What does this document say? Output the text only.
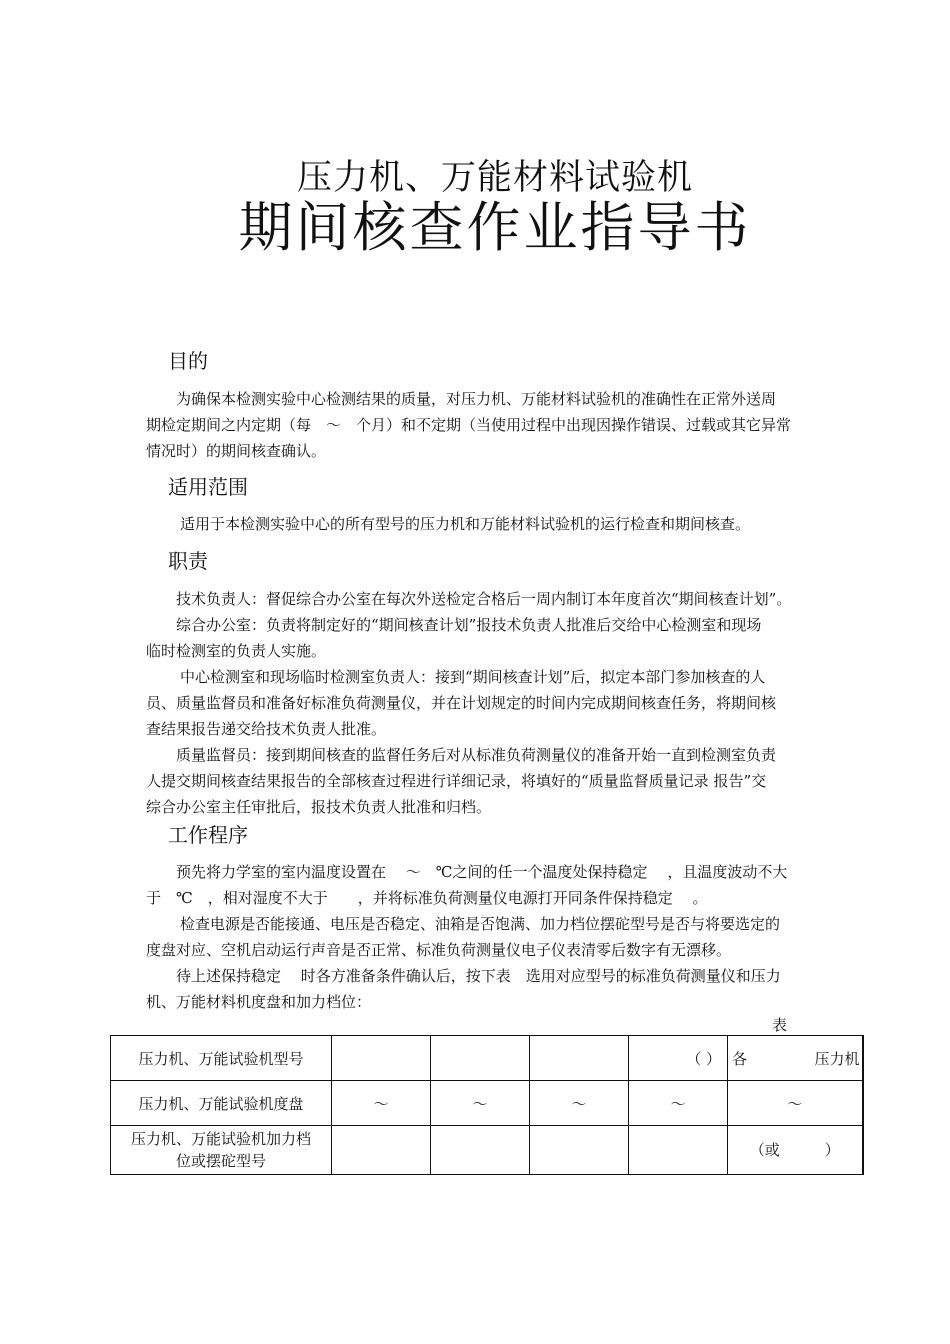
压力机、万能材料试验机
期间核查作业指导书
目的
为确保本检测实验中心检测结果的质量，对压力机、万能材料试验机的准确性在正常外送周
期检定期间之内定期（每　～　个月）和不定期（当使用过程中出现因操作错误、过载或其它异常
情况时）的期间核查确认。
适用范围
适用于本检测实验中心的所有型号的压力机和万能材料试验机的运行检查和期间核查。
职责
技术负责人：督促综合办公室在每次外送检定合格后一周内制订本年度首次“期间核查计划”。
综合办公室：负责将制定好的“期间核查计划”报技术负责人批准后交给中心检测室和现场
临时检测室的负责人实施。
中心检测室和现场临时检测室负责人：接到“期间核查计划”后，拟定本部门参加核查的人
员、质量监督员和准备好标准负荷测量仪，并在计划规定的时间内完成期间核查任务，将期间核
查结果报告递交给技术负责人批准。
质量监督员：接到期间核查的监督任务后对从标准负荷测量仪的准备开始一直到检测室负责
人提交期间核查结果报告的全部核查过程进行详细记录，将填好的“质量监督质量记录 报告”交
综合办公室主任审批后，报技术负责人批准和归档。
工作程序
预先将力学室的室内温度设置在　 ～　℃之间的任一个温度处保持稳定　 ，且温度波动不大
于　℃　，相对湿度不大于　　，并将标准负荷测量仪电源打开同条件保持稳定　 。
检查电源是否能接通、电压是否稳定、油箱是否饱满、加力档位摆砣型号是否与将要选定的
度盘对应、空机启动运行声音是否正常、标准负荷测量仪电子仪表清零后数字有无漂移。
待上述保持稳定　 时各方准备条件确认后，按下表　选用对应型号的标准负荷测量仪和压力
机、万能材料机度盘和加力档位：
表
压力机、万能试验机型号				（ ）	各 压力机

压力机、万能试验机度盘	～	～	～	～	～

压力机、万能试验机加力档
位或摆砣型号					（或　　　）
